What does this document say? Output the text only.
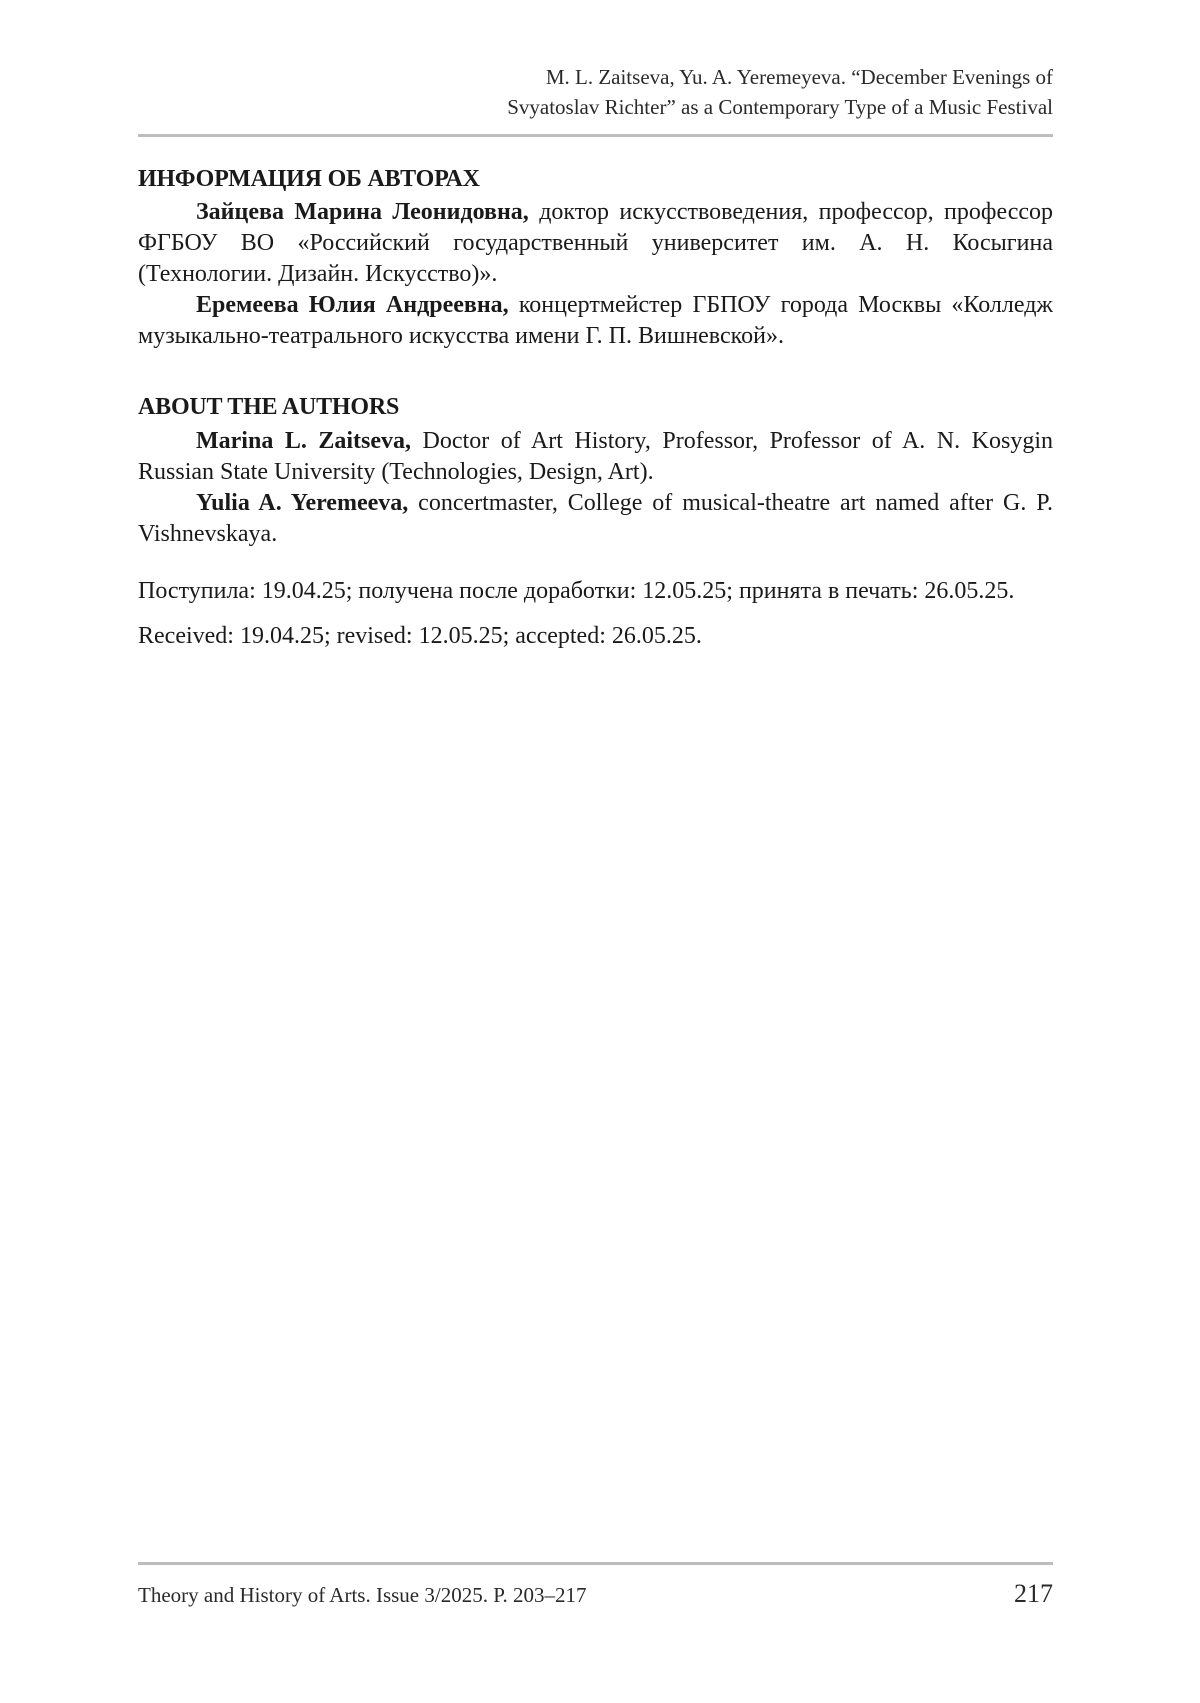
M. L. Zaitseva, Yu. A. Yeremeyeva. “December Evenings of
Svyatoslav Richter” as a Contemporary Type of a Music Festival
ИНФОРМАЦИЯ ОБ АВТОРАХ

Зайцева Марина Леонидовна, доктор искусствоведения, профессор, профессор ФГБОУ ВО «Российский государственный университет им. А. Н. Косыгина (Технологии. Дизайн. Искусство)».

Еремеева Юлия Андреевна, концертмейстер ГБПОУ города Москвы «Колледж музыкально-театрального искусства имени Г. П. Вишневской».

ABOUT THE AUTHORS

Marina L. Zaitseva, Doctor of Art History, Professor, Professor of A. N. Kosygin Russian State University (Technologies, Design, Art).

Yulia A. Yeremeeva, concertmaster, College of musical-theatre art named after G. P. Vishnevskaya.

Поступила: 19.04.25; получена после доработки: 12.05.25; принята в печать: 26.05.25.

Received: 19.04.25; revised: 12.05.25; accepted: 26.05.25.

Theory and History of Arts. Issue 3/2025. P. 203–217	217
